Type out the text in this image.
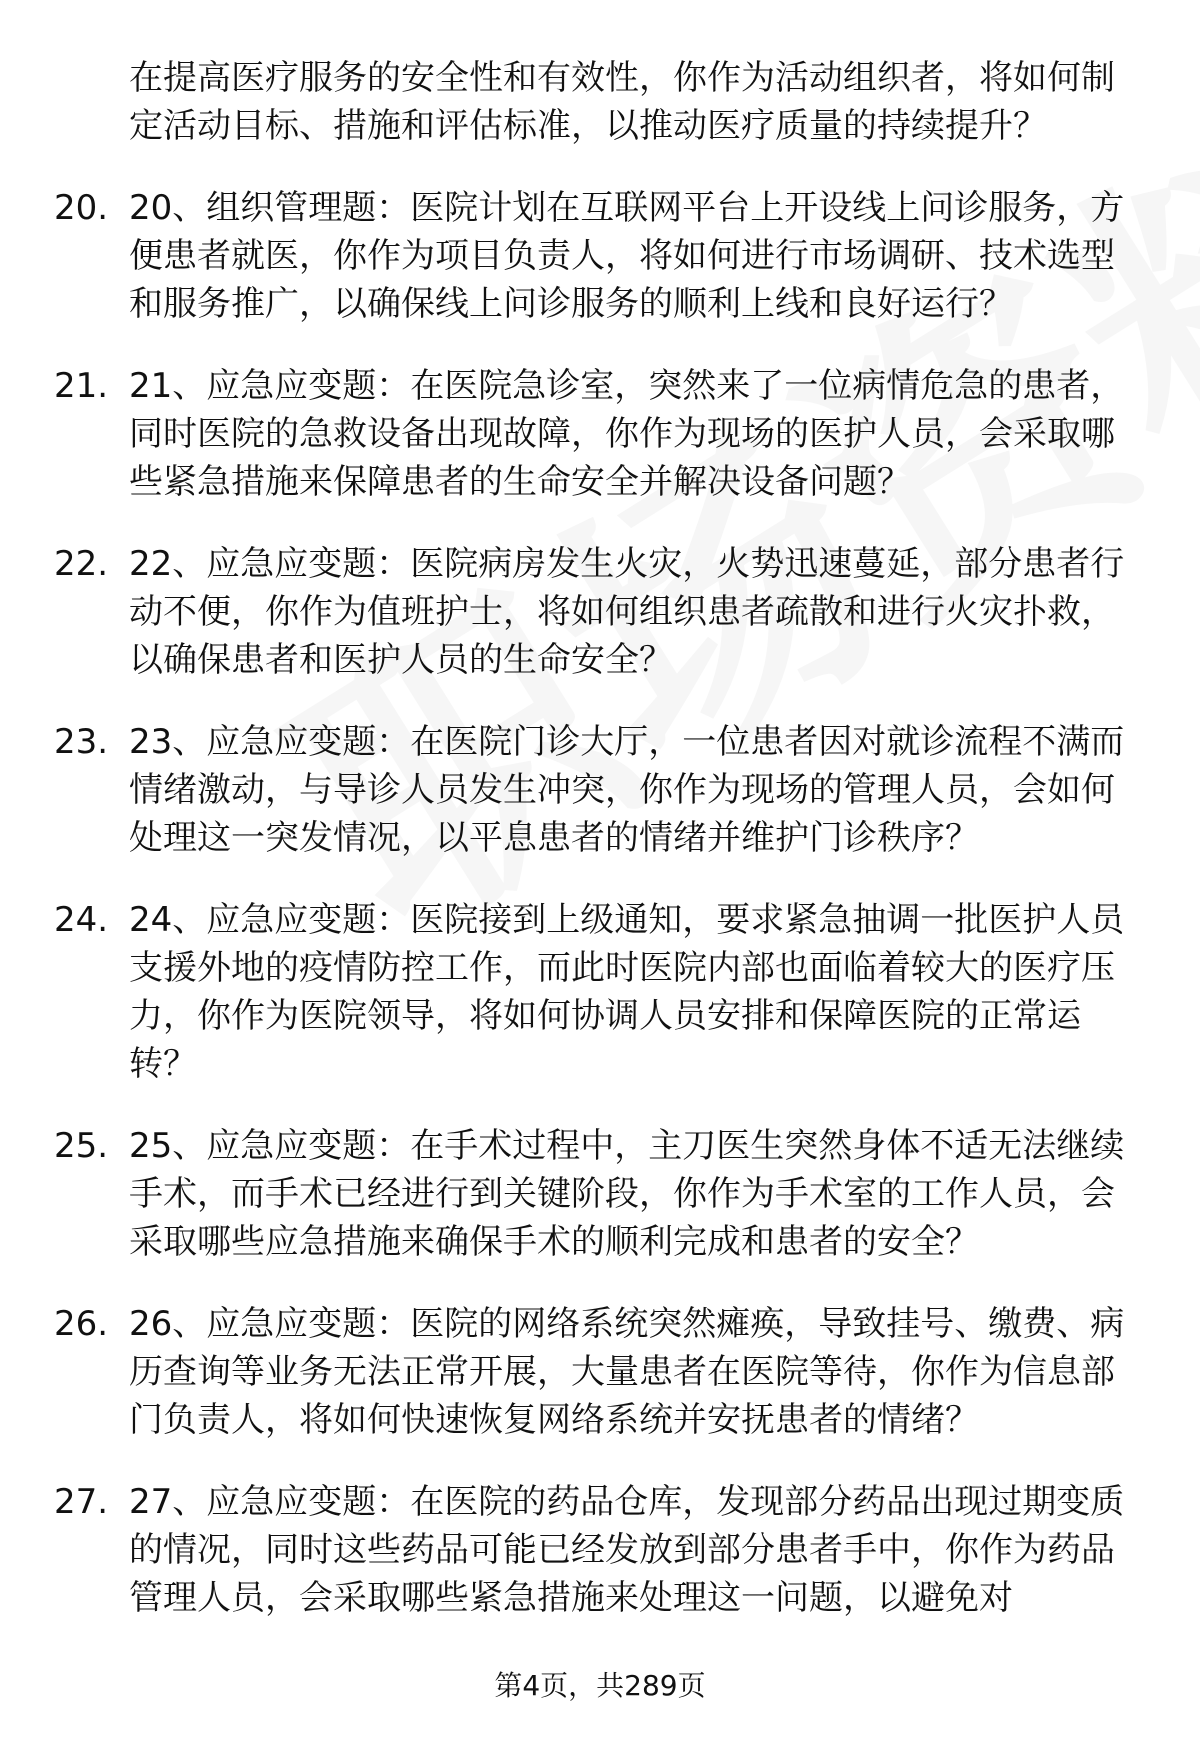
在提高医疗服务的安全性和有效性，你作为活动组织者，将如何制定活动目标、措施和评估标准，以推动医疗质量的持续提升？
20. 20、组织管理题：医院计划在互联网平台上开设线上问诊服务，方便患者就医，你作为项目负责人，将如何进行市场调研、技术选型和服务推广，以确保线上问诊服务的顺利上线和良好运行？
21. 21、应急应变题：在医院急诊室，突然来了一位病情危急的患者，同时医院的急救设备出现故障，你作为现场的医护人员，会采取哪些紧急措施来保障患者的生命安全并解决设备问题？
22. 22、应急应变题：医院病房发生火灾，火势迅速蔓延，部分患者行动不便，你作为值班护士，将如何组织患者疏散和进行火灾扑救，以确保患者和医护人员的生命安全？
23. 23、应急应变题：在医院门诊大厅，一位患者因对就诊流程不满而情绪激动，与导诊人员发生冲突，你作为现场的管理人员，会如何处理这一突发情况，以平息患者的情绪并维护门诊秩序？
24. 24、应急应变题：医院接到上级通知，要求紧急抽调一批医护人员支援外地的疫情防控工作，而此时医院内部也面临着较大的医疗压力，你作为医院领导，将如何协调人员安排和保障医院的正常运转？
25. 25、应急应变题：在手术过程中，主刀医生突然身体不适无法继续手术，而手术已经进行到关键阶段，你作为手术室的工作人员，会采取哪些应急措施来确保手术的顺利完成和患者的安全？
26. 26、应急应变题：医院的网络系统突然瘫痪，导致挂号、缴费、病历查询等业务无法正常开展，大量患者在医院等待，你作为信息部门负责人，将如何快速恢复网络系统并安抚患者的情绪？
27. 27、应急应变题：在医院的药品仓库，发现部分药品出现过期变质的情况，同时这些药品可能已经发放到部分患者手中，你作为药品管理人员，会采取哪些紧急措施来处理这一问题，以避免对
第4页，共289页
